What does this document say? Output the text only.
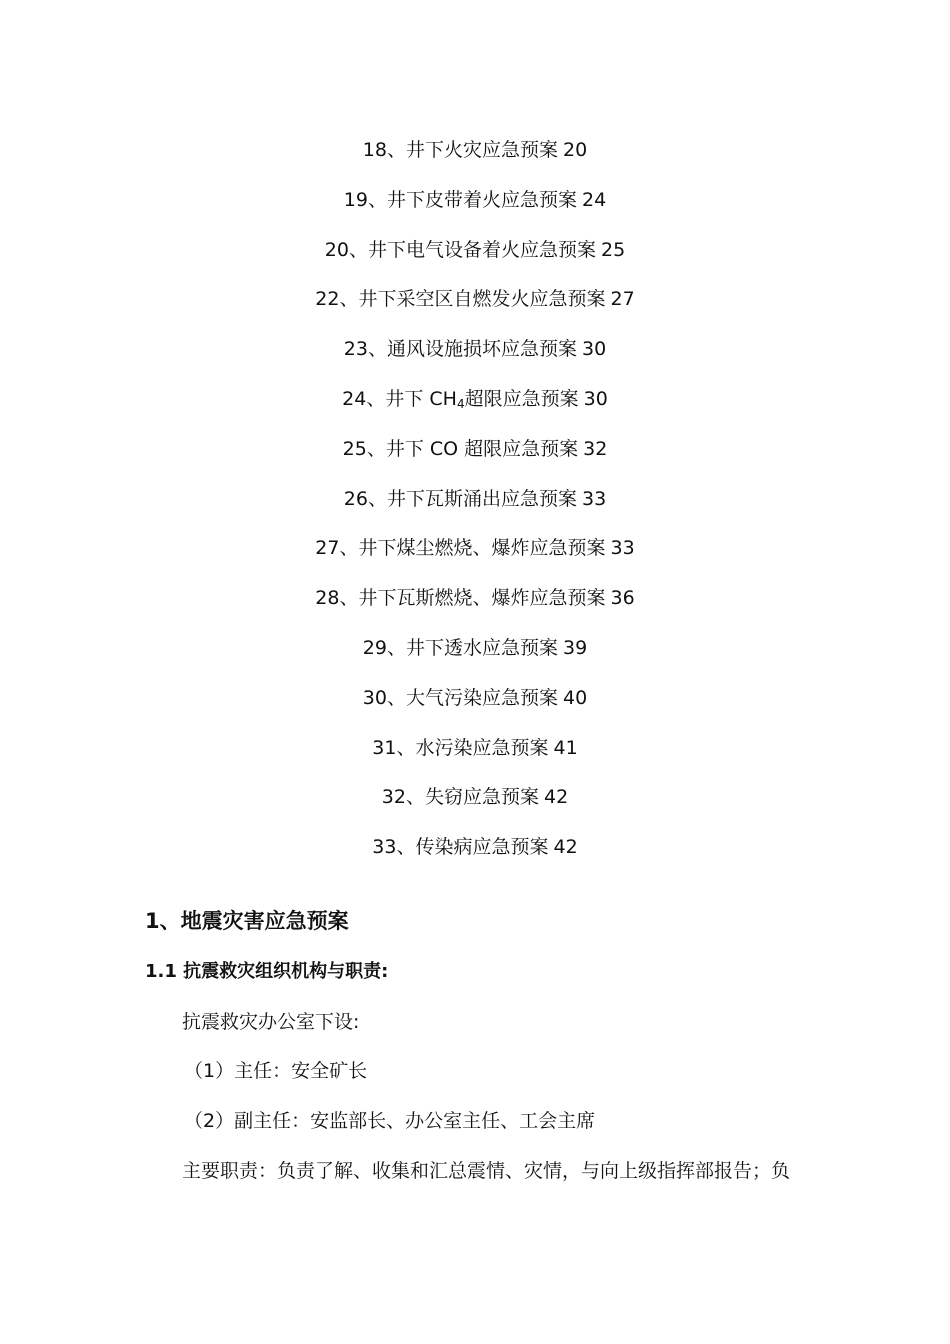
18、井下火灾应急预案 20
19、井下皮带着火应急预案 24
20、井下电气设备着火应急预案 25
22、井下采空区自燃发火应急预案 27
23、通风设施损坏应急预案 30
24、井下 $CH_4$超限应急预案 30
25、井下 CO 超限应急预案 32
26、井下瓦斯涌出应急预案 33
27、井下煤尘燃烧、爆炸应急预案 33
28、井下瓦斯燃烧、爆炸应急预案 36
29、井下透水应急预案 39
30、大气污染应急预案 40
31、水污染应急预案 41
32、失窃应急预案 42
33、传染病应急预案 42
1、地震灾害应急预案
1.1 抗震救灾组织机构与职责:
抗震救灾办公室下设:
（1）主任：安全矿长
（2）副主任：安监部长、办公室主任、工会主席
主要职责：负责了解、收集和汇总震情、灾情，与向上级指挥部报告；负
